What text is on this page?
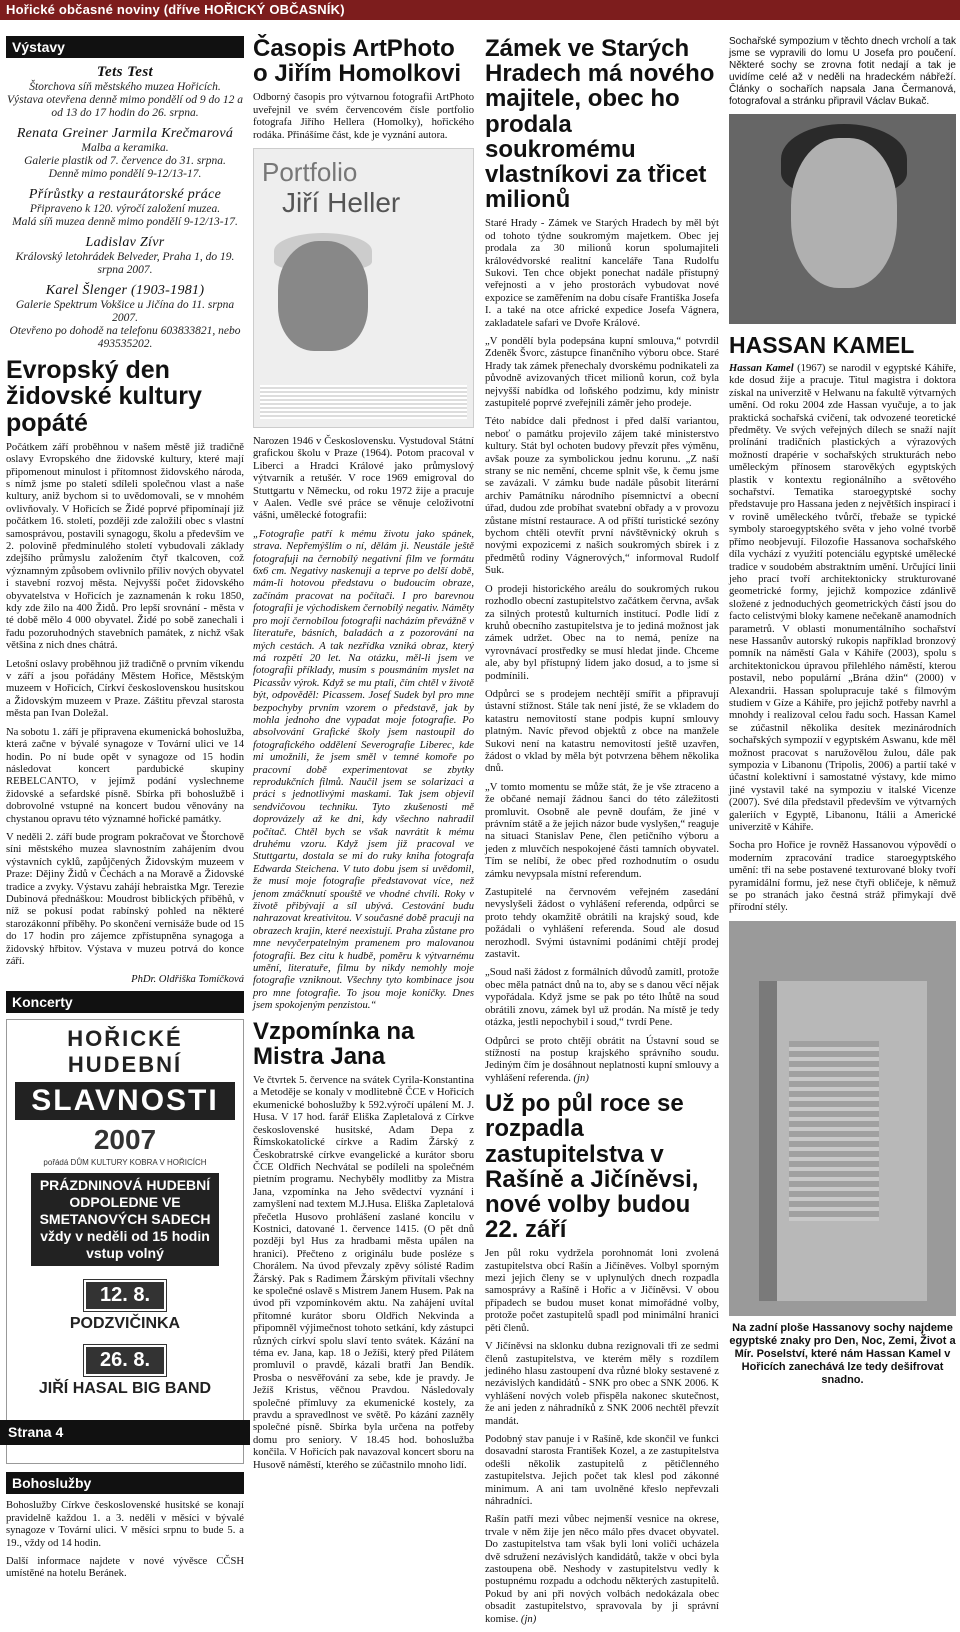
Hořické občasné noviny (dříve HOŘICKÝ OBČASNÍK)
Výstavy
Tets Test
Štorchova síň městského muzea Hořicích.
Výstava otevřena denně mimo pondělí od 9 do 12 a od 13 do 17 hodin do 26. srpna.
Renata Greiner Jarmila Krečmarová
Malba a keramika.
Galerie plastik od 7. července do 31. srpna.
Denně mimo pondělí 9-12/13-17.
Přírůstky a restaurátorské práce
Připraveno k 120. výročí založení muzea.
Malá síň muzea denně mimo pondělí 9-12/13-17.
Ladislav Zívr
Královský letohrádek Belveder, Praha 1, do 19. srpna 2007.
Karel Šlenger (1903-1981)
Galerie Spektrum Vokšice u Jičína do 11. srpna 2007.
Otevřeno po dohodě na telefonu 603833821, nebo 493535202.
Evropský den židovské kultury popáté

Počátkem září proběhnou v našem městě již tradičně oslavy Evropského dne židovské kultury, které mají připomenout minulost i přítomnost židovského národa, s nímž jsme po staletí sdíleli společnou vlast a naše kultury, aniž bychom si to uvědomovali, se v mnohém ovlivňovaly. V Hořicích se Židé poprvé připomínají již počátkem 16. století, později zde založili obec s vlastní samosprávou, postavili synagogu, školu a především ve 2. polovině předminulého století vybudovali základy zdejšího průmyslu založením čtyř tkalcoven, což významným způsobem ovlivnilo příliv nových obyvatel i stavební rozvoj města. Nejvyšší počet židovského obyvatelstva v Hořicích je zaznamenán k roku 1850, kdy zde žilo na 400 Židů. Pro lepší srovnání - města v té době mělo 4 000 obyvatel. Židé po sobě zanechali i řadu pozoruhodných stavebních památek, z nichž však většina z nich dnes chátrá.

Letošní oslavy proběhnou již tradičně o prvním víkendu v září a jsou pořádány Městem Hořice, Městským muzeem v Hořicích, Církví československou husitskou a Židovským muzeem v Praze. Záštitu převzal starosta města pan Ivan Doležal.

Na sobotu 1. září je připravena ekumenická bohoslužba, která začne v bývalé synagoze v Tovární ulici ve 14 hodin. Po ní bude opět v synagoze od 15 hodin následovat koncert pardubické skupiny REBELCANTO, v jejímž podání vyslechneme židovské a sefardské písně. Sbírka při bohoslužbě i dobrovolné vstupné na koncert budou věnovány na chystanou opravu této významné hořické památky.

V neděli 2. září bude program pokračovat ve Štorchově síni městského muzea slavnostním zahájením dvou výstavních cyklů, zapůjčených Židovským muzeem v Praze: Dějiny Židů v Čechách a na Moravě a Židovské tradice a zvyky. Výstavu zahájí hebraistka Mgr. Terezie Dubinová přednáškou: Moudrost biblických příběhů, v níž se pokusí podat rabínský pohled na některé starozákonní příběhy. Po skončení vernisáže bude od 15 do 17 hodin pro zájemce zpřístupněna synagoga a židovský hřbitov. Výstava v muzeu potrvá do konce září.

PhDr. Oldřiška Tomíčková
Koncerty
HOŘICKÉ HUDEBNÍ
SLAVNOSTI
2007
pořádá DŮM KULTURY KOBRA V HOŘICÍCH
PRÁZDNINOVÁ HUDEBNÍ ODPOLEDNE VE SMETANOVÝCH SADECH vždy v neděli od 15 hodin vstup volný
12. 8.
PODZVIČINKA
26. 8.
JIŘÍ HASAL BIG BAND
Bohoslužby

Bohoslužby Církve československé husitské se konají pravidelně každou 1. a 3. neděli v měsíci v bývalé synagoze v Tovární ulici. V měsíci srpnu to bude 5. a 19., vždy od 14 hodin.

Další informace najdete v nové vývěsce CČSH umístěné na hotelu Beránek.

Časopis ArtPhoto o Jiřím Homolkovi

Odborný časopis pro výtvarnou fotografii ArtPhoto uveřejnil ve svém červencovém čísle portfolio fotografa Jiřího Hellera (Homolky), hořického rodáka. Přinášíme část, kde je vyznání autora.

Portfolio
Jiří Heller

Narozen 1946 v Československu. Vystudoval Státní grafickou školu v Praze (1964). Potom pracoval v Liberci a Hradci Králové jako průmyslový výtvarník a retušér. V roce 1969 emigroval do Stuttgartu v Německu, od roku 1972 žije a pracuje v Aalen. Vedle své práce se věnuje celoživotní vášni, umělecké fotografii:

„Fotografie patří k mému životu jako spánek, strava. Nepřemýšlím o ní, dělám ji. Neustále ještě fotografuji na černobílý negativní film ve formátu 6x6 cm. Negativy naskenuji a teprve po delší době, mám-li hotovou představu o budoucím obraze, začínám pracovat na počítači. I pro barevnou fotografii je východiskem černobílý negativ. Náměty pro mojí černobílou fotografii nacházím převážně v literatuře, básních, baladách a z pozorování na mých cestách. A tak nezřídka vzniká obraz, který má rozpětí 20 let. Na otázku, měl-li jsem ve fotografii příklady, musím s pousmáním myslet na Picassův výrok. Když se mu ptali, čím chtěl v životě být, odpověděl: Picassem. Josef Sudek byl pro mne bezpochyby prvním vzorem o představě, jak by mohla jednoho dne vypadat moje fotografie. Po absolvování Grafické školy jsem nastoupil do fotografického oddělení Severografie Liberec, kde mi umožnili, že jsem směl v temné komoře po pracovní době experimentovat se zbytky reprodukčních filmů. Naučil jsem se solarizaci a práci s jednotlivými maskami. Tak jsem objevil sendvičovou techniku. Tyto zkušenosti mě doprovázely až ke dni, kdy všechno nahradil počítač. Chtěl bych se však navrátit k mému druhému vzoru. Když jsem již pracoval ve Stuttgartu, dostala se mi do ruky kniha fotografa Edwarda Steichena. V tuto dobu jsem si uvědomil, že musí moje fotografie představovat více, než jenom zmáčknutí spouště ve vhodné chvíli. Roky v životě přibývají a síl ubývá. Cestování budu nahrazovat kreativitou. V současné době pracuji na obrazech krajin, které neexistují. Praha zůstane pro mne nevyčerpatelným pramenem pro malovanou fotografii. Bez citu k hudbě, poměru k výtvarnému umění, literatuře, filmu by nikdy nemohly moje fotografie vzniknout. Všechny tyto kombinace jsou pro mne fotografie. To jsou moje koníčky. Dnes jsem spokojeným penzistou.“

Vzpomínka na Mistra Jana

Ve čtvrtek 5. července na svátek Cyrila-Konstantina a Metoděje se konaly v modlitebně ČCE v Hořicích ekumenické bohoslužby k 592.výročí upálení M. J. Husa. V 17 hod. farář Eliška Zapletalová z Církve československé husitské, Adam Depa z Římskokatolické církve a Radim Žárský z Českobratrské církve evangelické a kurátor sboru ČCE Oldřich Nechvátal se podíleli na společném pietním programu. Nechyběly modlitby za Mistra Jana, vzpomínka na Jeho svědectví vyznání i zamyšlení nad textem M.J.Husa. Eliška Zapletalová přečetla Husovo prohlášení zaslané koncilu v Kostnici, datované 1. července 1415. (O pět dnů později byl Hus za hradbami města upálen na hranici). Přečteno z originálu bude posléze s Chorálem. Na úvod převzaly zpěvy sólisté Radim Žárský. Pak s Radimem Žárským přivítali všechny ke společné oslavě s Mistrem Janem Husem. Pak na úvod při vzpomínkovém aktu. Na zahájení uvítal přítomné kurátor sboru Oldřich Nekvinda a připomněl výjimečnost tohoto setkání, kdy zástupci různých církví spolu slaví tento svátek. Kázání na téma ev. Jana, kap. 18 o Ježíši, který před Pilátem promluvil o pravdě, kázali bratři Jan Bendík. Prosba o nesvěřování za sebe, kde je pravdy. Je Ježíš Kristus, věčnou Pravdou. Následovaly společné přímluvy za ekumenické kostely, za pravdu a spravedlnost ve světě. Po kázání zazněly společné písně. Sbírka byla určena na potřeby domu pro seniory. V 18.45 hod. bohoslužba končila. V Hořicích pak navazoval koncert sboru na Husově náměstí, kterého se zúčastnilo mnoho lidí.

Zámek ve Starých Hradech má nového majitele, obec ho prodala soukromému vlastníkovi za třicet milionů

Staré Hrady - Zámek ve Starých Hradech by měl být od tohoto týdne soukromým majetkem. Obec jej prodala za 30 milionů korun spolumajiteli královédvorské realitní kanceláře Tana Rudolfu Sukovi. Ten chce objekt ponechat nadále přístupný veřejnosti a v jeho prostorách vybudovat nové expozice se zaměřením na dobu císaře Františka Josefa I. a také na otce africké expedice Josefa Vágnera, zakladatele safari ve Dvoře Králové.

„V pondělí byla podepsána kupní smlouva,“ potvrdil Zdeněk Švorc, zástupce finančního výboru obce. Staré Hrady tak zámek přenechaly dvorskému podnikateli za původně avizovaných třicet milionů korun, což byla nejvyšší nabídka od loňského podzimu, kdy ministr zastupitelé poprvé zveřejnili záměr jeho prodeje.

Této nabídce dali přednost i před další variantou, neboť o památku projevilo zájem také ministerstvo kultury. Stát byl ochoten budovy převzít přes výměnu, avšak pouze za symbolickou jednu korunu. „Z naší strany se nic nemění, chceme splnit vše, k čemu jsme se zavázali. V zámku bude nadále působit literární archiv Památníku národního písemnictví a obecní úřad, dudou zde probíhat svatební obřady a v provozu zůstane místní restaurace. A od příští turistické sezóny bychom chtěli otevřít první návštěvnický okruh s novými expozicemi z našich soukromých sbírek i z předmětů rodiny Vágnerových,“ informoval Rudolf Suk.

O prodeji historického areálu do soukromých rukou rozhodlo obecní zastupitelstvo začátkem června, avšak za silných protestů kulturních institucí. Podle lidí z kruhů obecního zastupitelstva je to jediná možnost jak zámek udržet. Obec na to nemá, peníze na vyrovnávací prostředky se musí hledat jinde. Chceme ale, aby byl přístupný lidem jako dosud, a to jsme si podmínili.

Odpůrci se s prodejem nechtějí smířit a připravují ústavní stížnost. Stále tak není jisté, že se vkladem do katastru nemovitostí stane podpis kupní smlouvy platným. Navíc převod objektů z obce na manžele Sukovi není na katastru nemovitostí ještě uzavřen, žádost o vklad by měla být potvrzena během několika dnů.

„V tomto momentu se může stát, že je vše ztraceno a že občané nemají žádnou šanci do této záležitosti promluvit. Osobně ale pevně doufám, že jiné v právním státě a že jejich názor bude vyslyšen,“ reaguje na situaci Stanislav Pene, člen petičního výboru a jeden z mluvčích nespokojené části tamních obyvatel. Tím se nelíbí, že obec před rozhodnutím o osudu zámku nevypsala místní referendum.

Zastupitelé na červnovém veřejném zasedání nevyslyšeli žádost o vyhlášení referenda, odpůrci se proto tehdy okamžitě obrátili na krajský soud, kde požádali o vyhlášení referenda. Soud ale dosud nerozhodl. Svými ústavními podáními chtějí prodej zastavit.

„Soud naši žádost z formálních důvodů zamítl, protože obec měla patnáct dnů na to, aby se s danou věcí nějak vypořádala. Když jsme se pak po této lhůtě na soud obrátili znovu, zámek byl už prodán. Na místě je tedy otázka, jestli nepochybil i soud,“ tvrdí Pene.

Odpůrci se proto chtějí obrátit na Ústavní soud se stížností na postup krajského správního soudu. Jediným čím je dosáhnout neplatnosti kupní smlouvy a vyhlášení referenda. (jn)

Už po půl roce se rozpadla zastupitelstva v Rašíně a Jičíněvsi, nové volby budou 22. září

Jen půl roku vydržela porohnomát loni zvolená zastupitelstva obcí Rašín a Jičíněves. Volbyl sporným mezi jejich členy se v uplynulých dnech rozpadla samosprávy a Rašíně i Hořic a v Jičíněvsi. V obou případech se budou muset konat mimořádné volby, protože počet zastupitelů spadl pod minimální hranici pěti členů.

V Jičíněvsi na sklonku dubna rezignovali tři ze sedmi členů zastupitelstva, ve kterém měly s rozdílem jediného hlasu zastoupení dva různé bloky sestavené z nezávislých kandidátů - SNK pro obec a SNK 2006. K vyhlášení nových voleb přispěla nakonec skutečnost, že ani jeden z náhradníků z SNK 2006 nechtěl převzít mandát.

Podobný stav panuje i v Rašíně, kde skončil ve funkci dosavadní starosta František Kozel, a ze zastupitelstva odešli několik zastupitelů z pětičlenného zastupitelstva. Jejich počet tak klesl pod zákonné minimum. A ani tam uvolněné křeslo nepřevzali náhradníci.

Rašín patří mezi vůbec nejmenší vesnice na okrese, trvale v něm žije jen něco málo přes dvacet obyvatel. Do zastupitelstva tam však byli loni voliči ucházela dvě sdružení nezávislých kandidátů, takže v obci byla zastoupena obě. Neshody v zastupitelstvu vedly k postupnému rozpadu a odchodu některých zastupitelů. Pokud by ani při nových volbách nedokázala obec obsadit zastupitelstvo, spravovala by ji správní komise. (jn)

Sochařské sympozium v těchto dnech vrcholí a tak jsme se vypravili do lomu U Josefa pro poučení. Některé sochy se zrovna fotit nedají a tak je uvidíme celé až v neděli na hradeckém nábřeží. Články o sochařích napsala Jana Čermanová, fotografoval a stránku připravil Václav Bukač.

HASSAN KAMEL

Hassan Kamel (1967) se narodil v egyptské Káhiře, kde dosud žije a pracuje. Titul magistra i doktora získal na univerzitě v Helwanu na fakultě výtvarných umění. Od roku 2004 zde Hassan vyučuje, a to jak praktická sochařská cvičení, tak odvozené teoretické předměty. Ve svých veřejných dílech se snaží najít prolínání tradičních plastických a výrazových možností drapérie v sochařských strukturách nebo uměleckým přínosem starověkých egyptských plastik v kontextu regionálního a světového sochařství. Tematika staroegyptské sochy představuje pro Hassana jeden z největších inspirací i v rovině uměleckého tvůrčí, třebaže se typické symboly staroegyptského světa v jeho volné tvorbě přímo neobjevují. Filozofie Hassanova sochařského díla vychází z využití potenciálu egyptské umělecké tradice v soudobém abstraktním umění. Určující linii jeho prací tvoří architektonicky strukturované geometrické formy, jejichž kompozice zdánlivě složené z jednoduchých geometrických částí jsou do facto celistvými bloky kamene nečekaně anamodních parametrů. V oblasti monumentálního sochařství nese Hassanův autorský rukopis například bronzový pomník na náměstí Gala v Káhiře (2003), spolu s architektonickou úpravou přilehlého náměstí, kterou postavil, nebo populární „Brána džin“ (2000) v Alexandrii. Hassan spolupracuje také s filmovým studiem v Gíze a Káhiře, pro jejichž potřeby navrhl a mnohdy i realizoval celou řadu soch. Hassan Kamel se zúčastnil několika desítek mezinárodních sochařských sympozií v egyptském Aswanu, kde měl možnost pracovat s naružovělou žulou, dále pak sympozia v Libanonu (Tripolis, 2006) a partií také v účastní kolektivní i samostatné výstavy, kde mimo jiné vystavil také na sympoziu v italské Vicenze (2007). Své díla představil především ve výtvarných galeriích v Egyptě, Libanonu, Itálii a Americké univerzitě v Káhiře.

Socha pro Hořice je rovněž Hassanovou výpovědí o moderním zpracování tradice staroegyptského umění: tři na sebe postavené texturované bloky tvoří pyramidální formu, jež nese čtyři obličeje, k němuž se po stranách jako čestná stráž přimykají dvě přírodní stély.

Na zadní ploše Hassanovy sochy najdeme egyptské znaky pro Den, Noc, Zemi, Život a Mír. Poselství, které nám Hassan Kamel v Hořicích zanechává lze tedy dešifrovat snadno.
Strana 4
